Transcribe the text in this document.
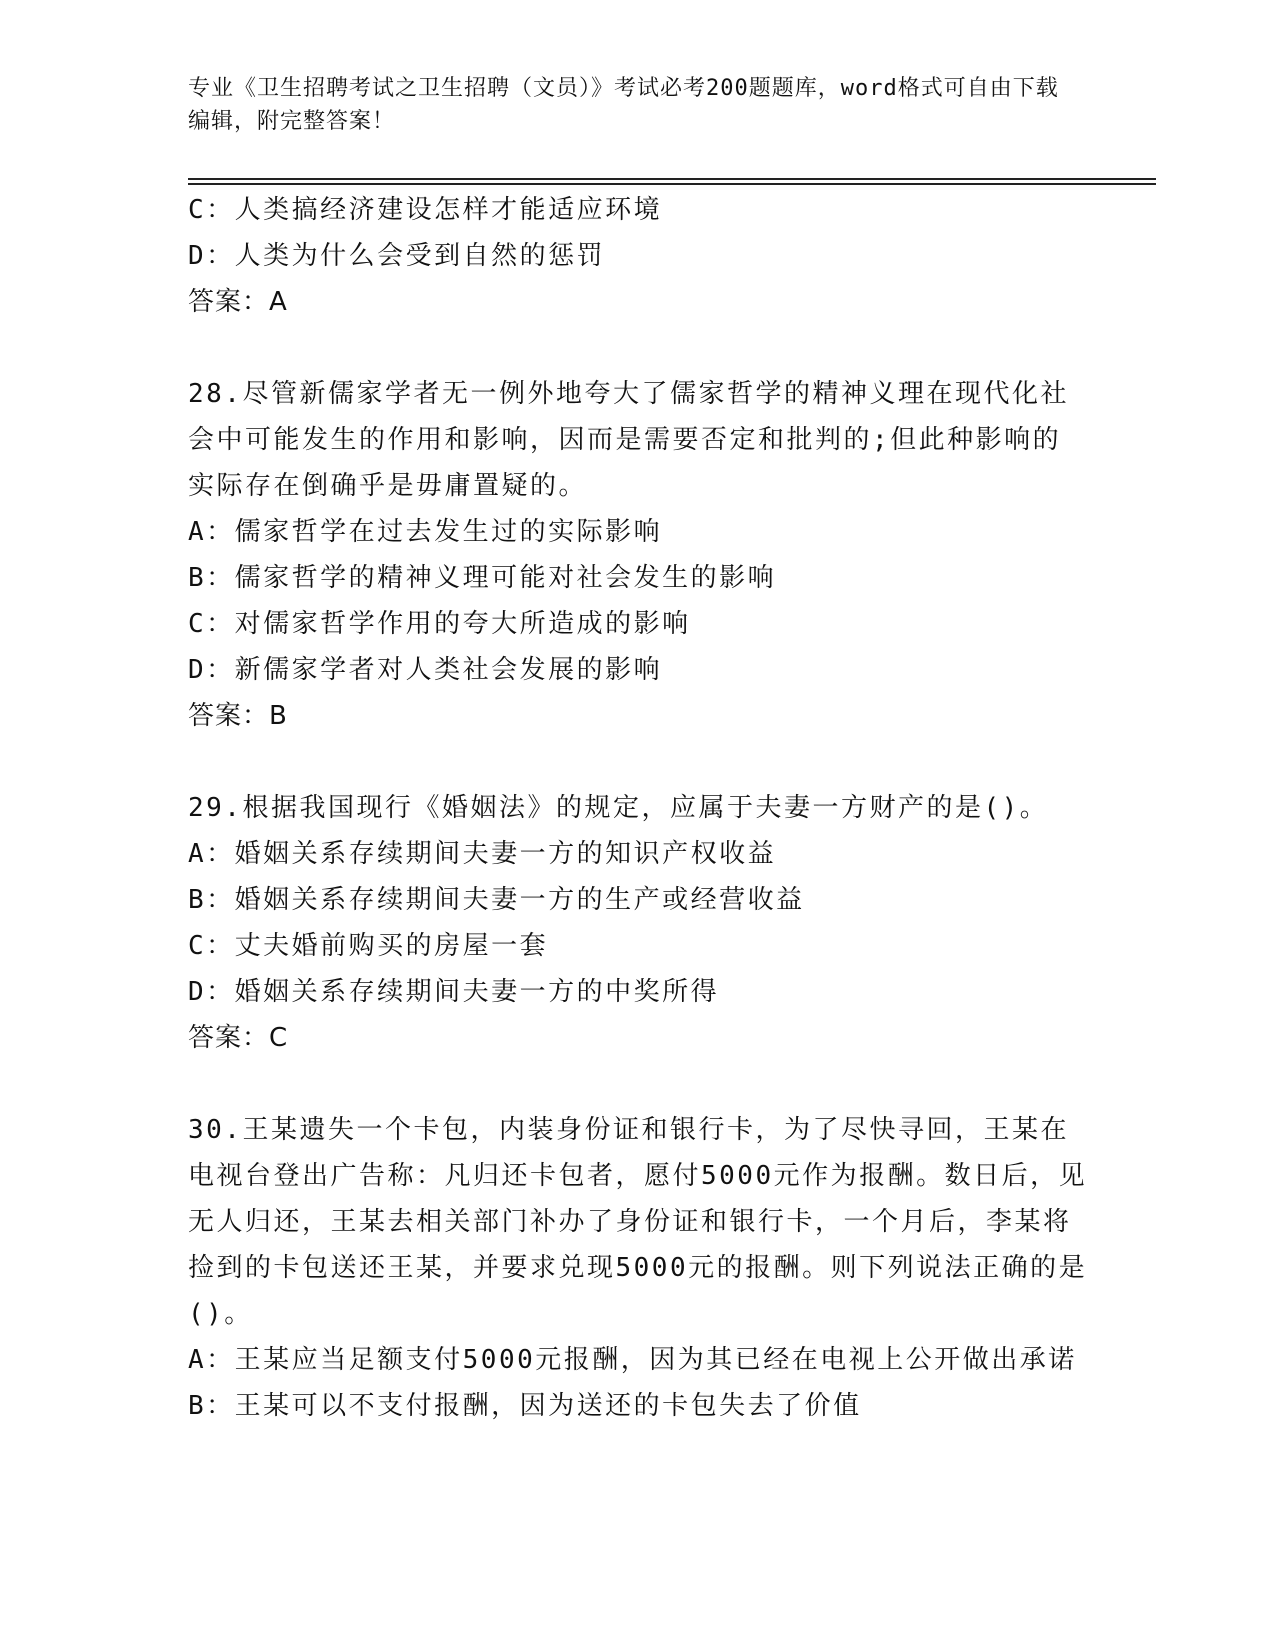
专业《卫生招聘考试之卫生招聘（文员）》考试必考200题题库，word格式可自由下载编辑，附完整答案！
C：人类搞经济建设怎样才能适应环境
D：人类为什么会受到自然的惩罚
答案：A
28.尽管新儒家学者无一例外地夸大了儒家哲学的精神义理在现代化社会中可能发生的作用和影响，因而是需要否定和批判的;但此种影响的实际存在倒确乎是毋庸置疑的。
A：儒家哲学在过去发生过的实际影响
B：儒家哲学的精神义理可能对社会发生的影响
C：对儒家哲学作用的夸大所造成的影响
D：新儒家学者对人类社会发展的影响
答案：B
29.根据我国现行《婚姻法》的规定，应属于夫妻一方财产的是()。
A：婚姻关系存续期间夫妻一方的知识产权收益
B：婚姻关系存续期间夫妻一方的生产或经营收益
C：丈夫婚前购买的房屋一套
D：婚姻关系存续期间夫妻一方的中奖所得
答案：C
30.王某遗失一个卡包，内装身份证和银行卡，为了尽快寻回，王某在电视台登出广告称：凡归还卡包者，愿付5000元作为报酬。数日后，见无人归还，王某去相关部门补办了身份证和银行卡，一个月后，李某将捡到的卡包送还王某，并要求兑现5000元的报酬。则下列说法正确的是()。
A：王某应当足额支付5000元报酬，因为其已经在电视上公开做出承诺
B：王某可以不支付报酬，因为送还的卡包失去了价值
